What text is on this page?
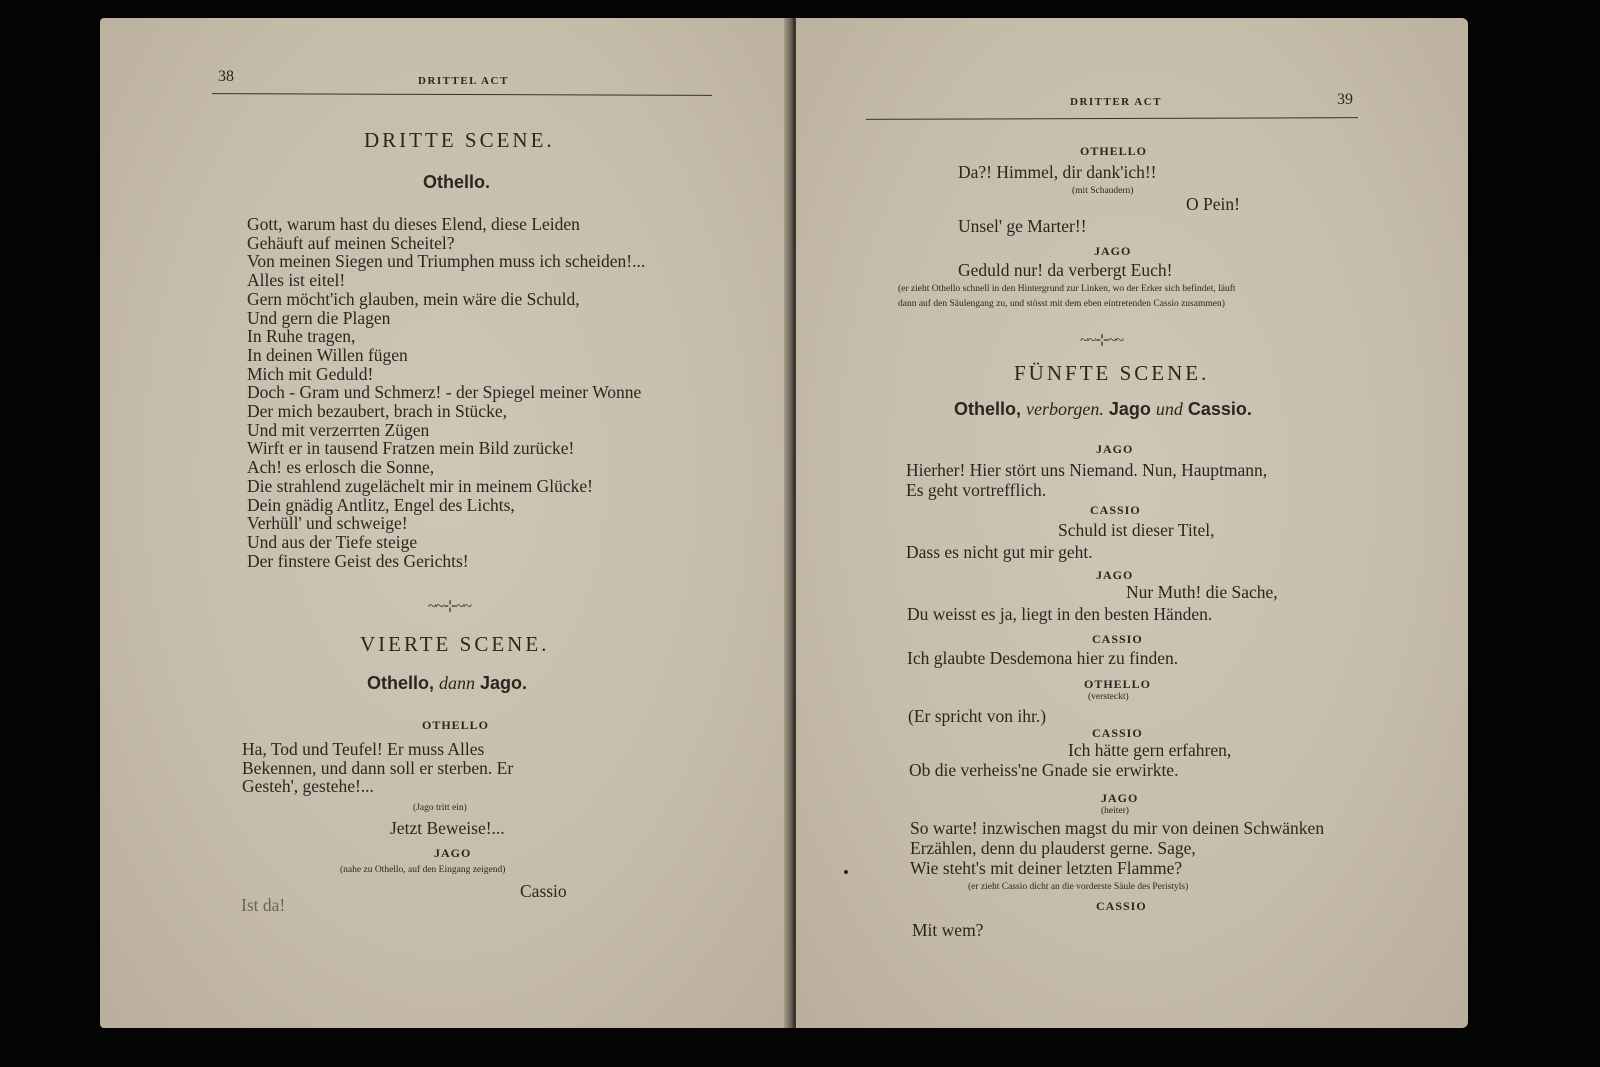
38	DRITTEL ACT
DRITTE SCENE.
Othello.
Gott, warum hast du dieses Elend, diese Leiden
Gehäuft auf meinen Scheitel?
Von meinen Siegen und Triumphen muss ich scheiden!...
Alles ist eitel!
Gern möcht'ich glauben, mein wäre die Schuld,
Und gern die Plagen
In Ruhe tragen,
In deinen Willen fügen
Mich mit Geduld!
Doch - Gram und Schmerz! - der Spiegel meiner Wonne
Der mich bezaubert, brach in Stücke,
Und mit verzerrten Zügen
Wirft er in tausend Fratzen mein Bild zurücke!
Ach! es erlosch die Sonne,
Die strahlend zugelächelt mir in meinem Glücke!
Dein gnädig Antlitz, Engel des Lichts,
Verhüll' und schweige!
Und aus der Tiefe steige
Der finstere Geist des Gerichts!
~~⊹~~
VIERTE SCENE.
Othello, dann Jago.
OTHELLO
Ha, Tod und Teufel! Er muss Alles
Bekennen, und dann soll er sterben. Er
Gesteh', gestehe!...
(Jago tritt ein)
Jetzt Beweise!...
JAGO
(nahe zu Othello, auf den Eingang zeigend)
Cassio
Ist da!
DRITTER ACT	39
OTHELLO
Da?! Himmel, dir dank'ich!!
(mit Schaudern)
O Pein!
Unsel' ge Marter!!
JAGO
Geduld nur! da verbergt Euch!
(er zieht Othello schnell in den Hintergrund zur Linken, wo der Erker sich befindet, läuft
dann auf den Säulengang zu, und stösst mit dem eben eintretenden Cassio zusammen)
~~⊹~~
FÜNFTE SCENE.
Othello, verborgen. Jago und Cassio.
JAGO
Hierher! Hier stört uns Niemand. Nun, Hauptmann,
Es geht vortrefflich.
CASSIO
Schuld ist dieser Titel,
Dass es nicht gut mir geht.
JAGO
Nur Muth! die Sache,
Du weisst es ja, liegt in den besten Händen.
CASSIO
Ich glaubte Desdemona hier zu finden.
OTHELLO
(versteckt)
(Er spricht von ihr.)
CASSIO
Ich hätte gern erfahren,
Ob die verheiss'ne Gnade sie erwirkte.
JAGO
(heiter)
So warte! inzwischen magst du mir von deinen Schwänken
Erzählen, denn du plauderst gerne. Sage,
Wie steht's mit deiner letzten Flamme?
(er zieht Cassio dicht an die vorderste Säule des Peristyls)
CASSIO
Mit wem?
